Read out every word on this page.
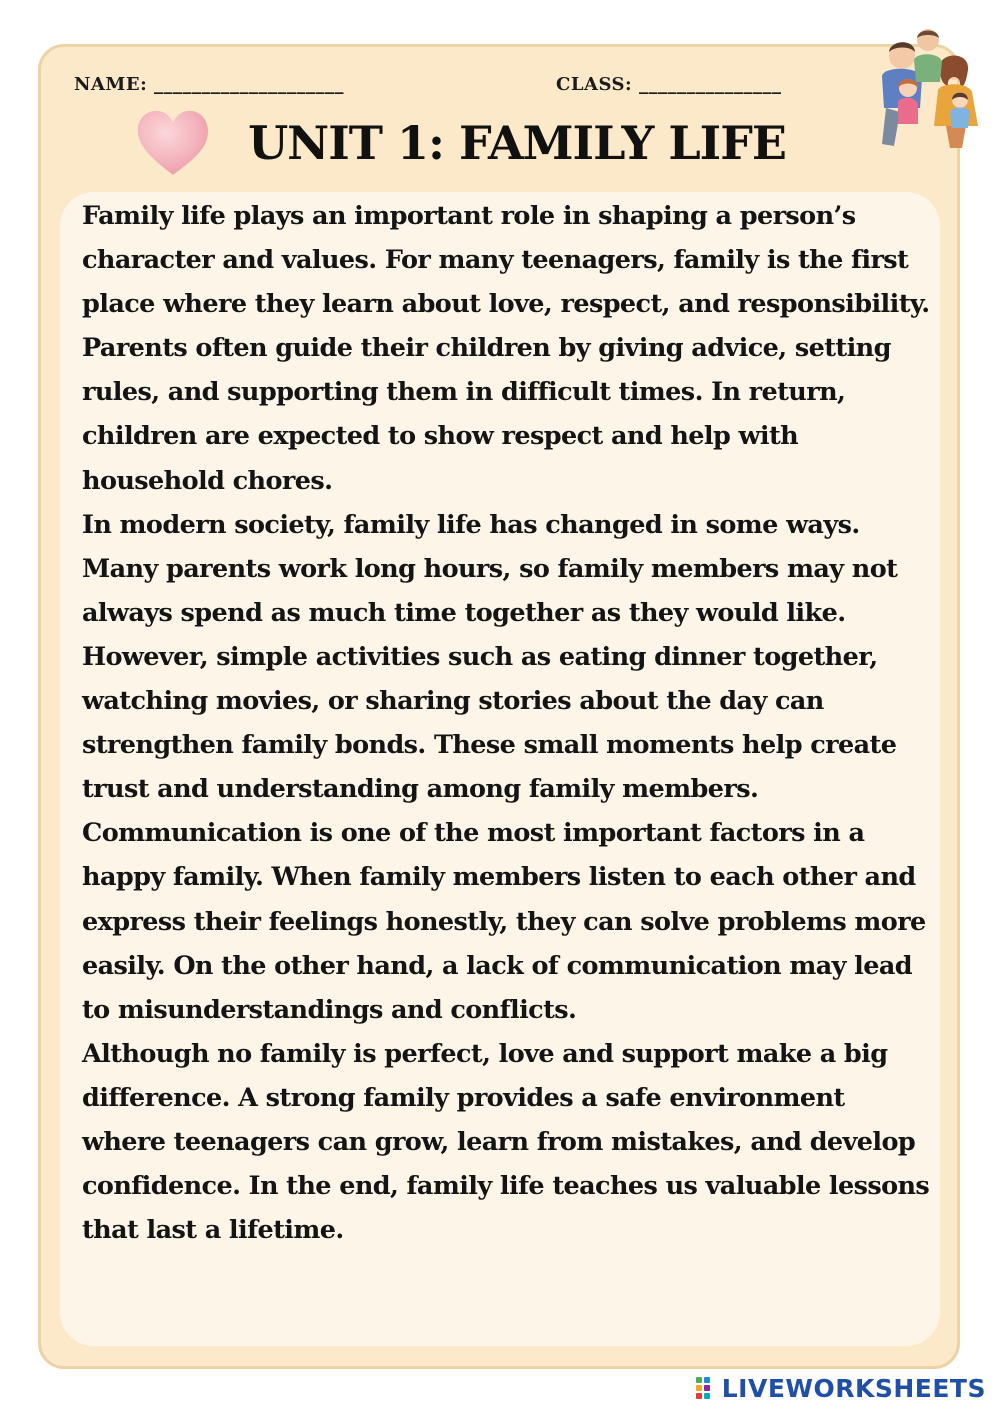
NAME: ____________________	CLASS: _______________
UNIT 1: FAMILY LIFE

Family life plays an important role in shaping a person’s character and values. For many teenagers, family is the first place where they learn about love, respect, and responsibility. Parents often guide their children by giving advice, setting rules, and supporting them in difficult times. In return, children are expected to show respect and help with household chores.

In modern society, family life has changed in some ways. Many parents work long hours, so family members may not always spend as much time together as they would like. However, simple activities such as eating dinner together, watching movies, or sharing stories about the day can strengthen family bonds. These small moments help create trust and understanding among family members.

Communication is one of the most important factors in a happy family. When family members listen to each other and express their feelings honestly, they can solve problems more easily. On the other hand, a lack of communication may lead to misunderstandings and conflicts.

Although no family is perfect, love and support make a big difference. A strong family provides a safe environment where teenagers can grow, learn from mistakes, and develop confidence. In the end, family life teaches us valuable lessons that last a lifetime.

LIVEWORKSHEETS
